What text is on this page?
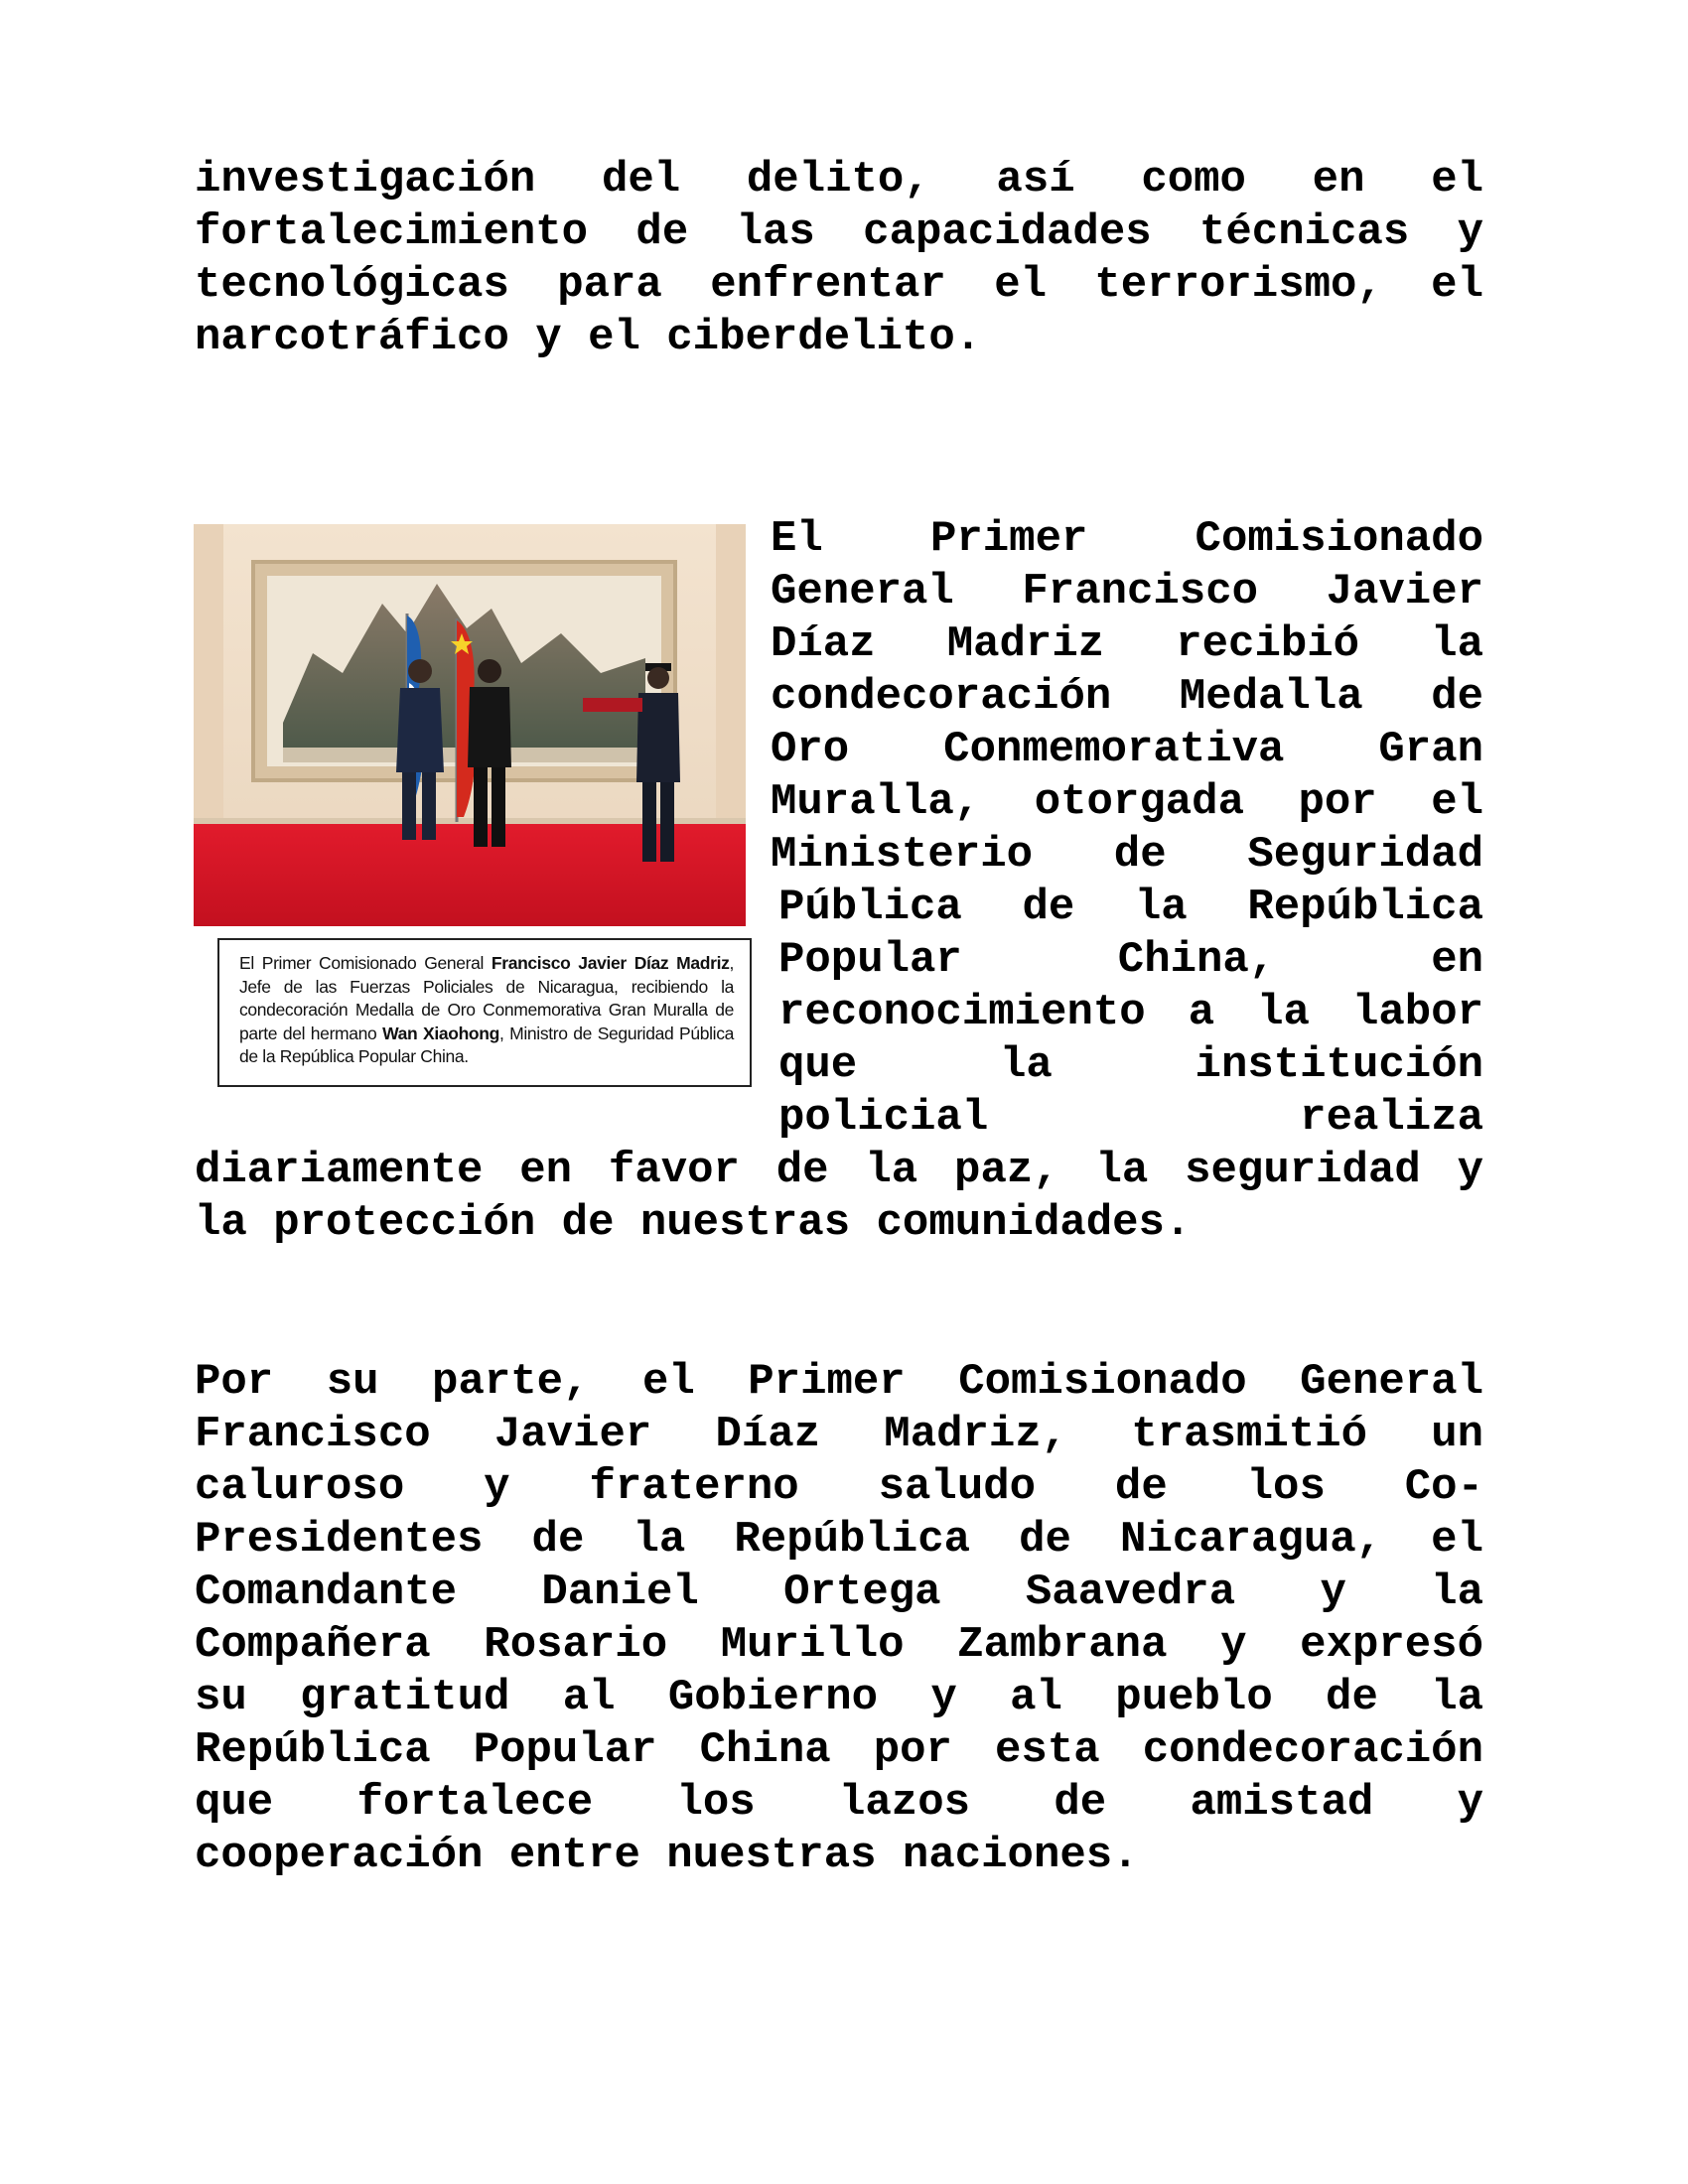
investigación del delito, así como en el
fortalecimiento de las capacidades técnicas y
tecnológicas para enfrentar el terrorismo, el
narcotráfico y el ciberdelito.
El Primer Comisionado General Francisco Javier Díaz Madriz, Jefe de las Fuerzas Policiales de Nicaragua, recibiendo la condecoración Medalla de Oro Conmemorativa Gran Muralla de parte del hermano Wan Xiaohong, Ministro de Seguridad Pública de la República Popular China.
El Primer Comisionado
General Francisco Javier
Díaz Madriz recibió la
condecoración Medalla de
Oro Conmemorativa Gran
Muralla, otorgada por el
Ministerio de Seguridad
Pública de la República
Popular China, en
reconocimiento a la labor
que la institución
policial realiza
diariamente en favor de la paz, la seguridad y
la protección de nuestras comunidades.
Por su parte, el Primer Comisionado General
Francisco Javier Díaz Madriz, trasmitió un
caluroso y fraterno saludo de los Co-
Presidentes de la República de Nicaragua, el
Comandante Daniel Ortega Saavedra y la
Compañera Rosario Murillo Zambrana y expresó
su gratitud al Gobierno y al pueblo de la
República Popular China por esta condecoración
que fortalece los lazos de amistad y
cooperación entre nuestras naciones.
